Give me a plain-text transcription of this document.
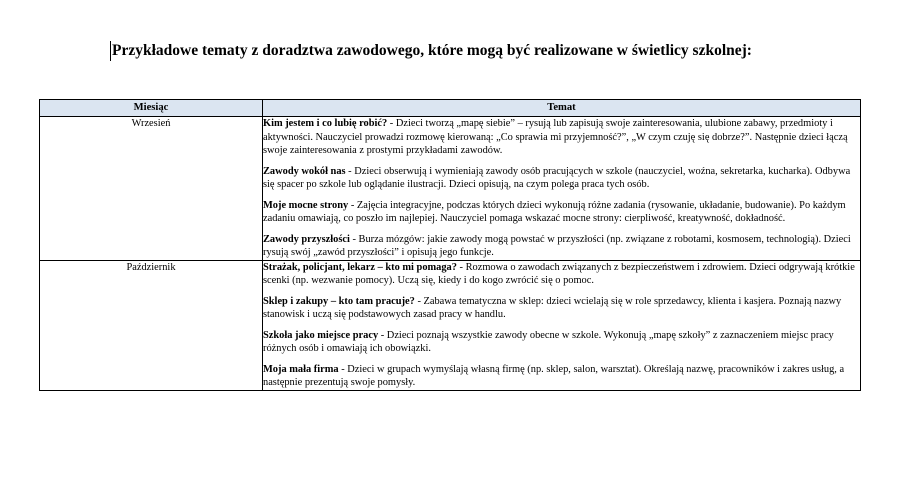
Przykładowe tematy z doradztwa zawodowego, które mogą być realizowane w świetlicy szkolnej:
Miesiąc	Temat
Wrzesień	Kim jestem i co lubię robić? - Dzieci tworzą „mapę siebie” – rysują lub zapisują swoje zainteresowania, ulubione zabawy, przedmioty i aktywności. Nauczyciel prowadzi rozmowę kierowaną: „Co sprawia mi przyjemność?”, „W czym czuję się dobrze?”. Następnie dzieci łączą swoje zainteresowania z prostymi przykładami zawodów.

Zawody wokół nas - Dzieci obserwują i wymieniają zawody osób pracujących w szkole (nauczyciel, woźna, sekretarka, kucharka). Odbywa się spacer po szkole lub oglądanie ilustracji. Dzieci opisują, na czym polega praca tych osób.

Moje mocne strony - Zajęcia integracyjne, podczas których dzieci wykonują różne zadania (rysowanie, układanie, budowanie). Po każdym zadaniu omawiają, co poszło im najlepiej. Nauczyciel pomaga wskazać mocne strony: cierpliwość, kreatywność, dokładność.

Zawody przyszłości - Burza mózgów: jakie zawody mogą powstać w przyszłości (np. związane z robotami, kosmosem, technologią). Dzieci rysują swój „zawód przyszłości” i opisują jego funkcje.

Październik	Strażak, policjant, lekarz – kto mi pomaga? - Rozmowa o zawodach związanych z bezpieczeństwem i zdrowiem. Dzieci odgrywają krótkie scenki (np. wezwanie pomocy). Uczą się, kiedy i do kogo zwrócić się o pomoc.

Sklep i zakupy – kto tam pracuje? - Zabawa tematyczna w sklep: dzieci wcielają się w role sprzedawcy, klienta i kasjera. Poznają nazwy stanowisk i uczą się podstawowych zasad pracy w handlu.

Szkoła jako miejsce pracy - Dzieci poznają wszystkie zawody obecne w szkole. Wykonują „mapę szkoły” z zaznaczeniem miejsc pracy różnych osób i omawiają ich obowiązki.

Moja mała firma - Dzieci w grupach wymyślają własną firmę (np. sklep, salon, warsztat). Określają nazwę, pracowników i zakres usług, a następnie prezentują swoje pomysły.
